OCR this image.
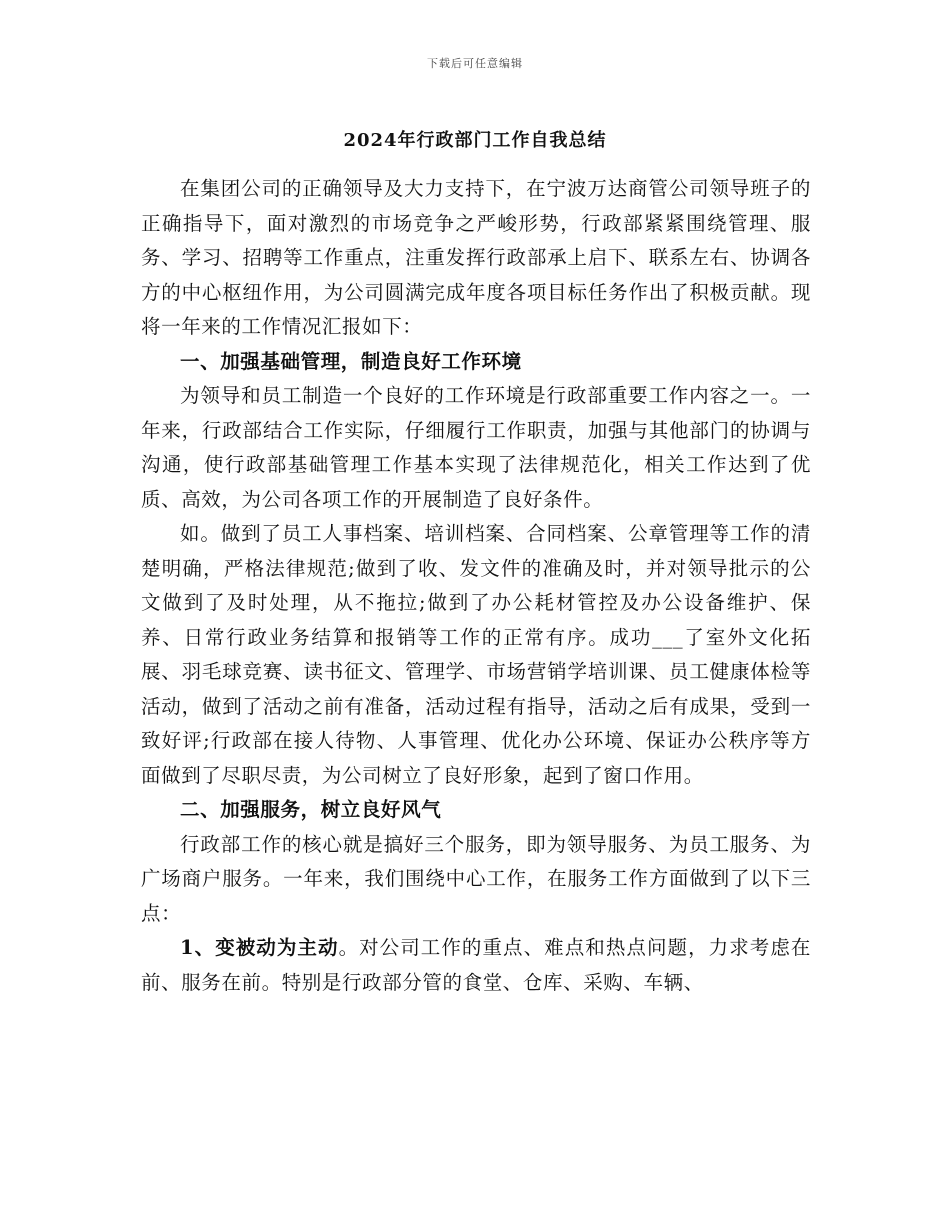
下载后可任意编辑
2024年行政部门工作自我总结

在集团公司的正确领导及大力支持下，在宁波万达商管公司领导班子的正确指导下，面对激烈的市场竞争之严峻形势，行政部紧紧围绕管理、服务、学习、招聘等工作重点，注重发挥行政部承上启下、联系左右、协调各方的中心枢纽作用，为公司圆满完成年度各项目标任务作出了积极贡献。现将一年来的工作情况汇报如下：

一、加强基础管理，制造良好工作环境

为领导和员工制造一个良好的工作环境是行政部重要工作内容之一。一年来，行政部结合工作实际，仔细履行工作职责，加强与其他部门的协调与沟通，使行政部基础管理工作基本实现了法律规范化，相关工作达到了优质、高效，为公司各项工作的开展制造了良好条件。

如。做到了员工人事档案、培训档案、合同档案、公章管理等工作的清楚明确，严格法律规范;做到了收、发文件的准确及时，并对领导批示的公文做到了及时处理，从不拖拉;做到了办公耗材管控及办公设备维护、保养、日常行政业务结算和报销等工作的正常有序。成功___了室外文化拓展、羽毛球竞赛、读书征文、管理学、市场营销学培训课、员工健康体检等活动，做到了活动之前有准备，活动过程有指导，活动之后有成果，受到一致好评;行政部在接人待物、人事管理、优化办公环境、保证办公秩序等方面做到了尽职尽责，为公司树立了良好形象，起到了窗口作用。

二、加强服务，树立良好风气

行政部工作的核心就是搞好三个服务，即为领导服务、为员工服务、为广场商户服务。一年来，我们围绕中心工作，在服务工作方面做到了以下三点：

1、变被动为主动。对公司工作的重点、难点和热点问题，力求考虑在前、服务在前。特别是行政部分管的食堂、仓库、采购、车辆、
